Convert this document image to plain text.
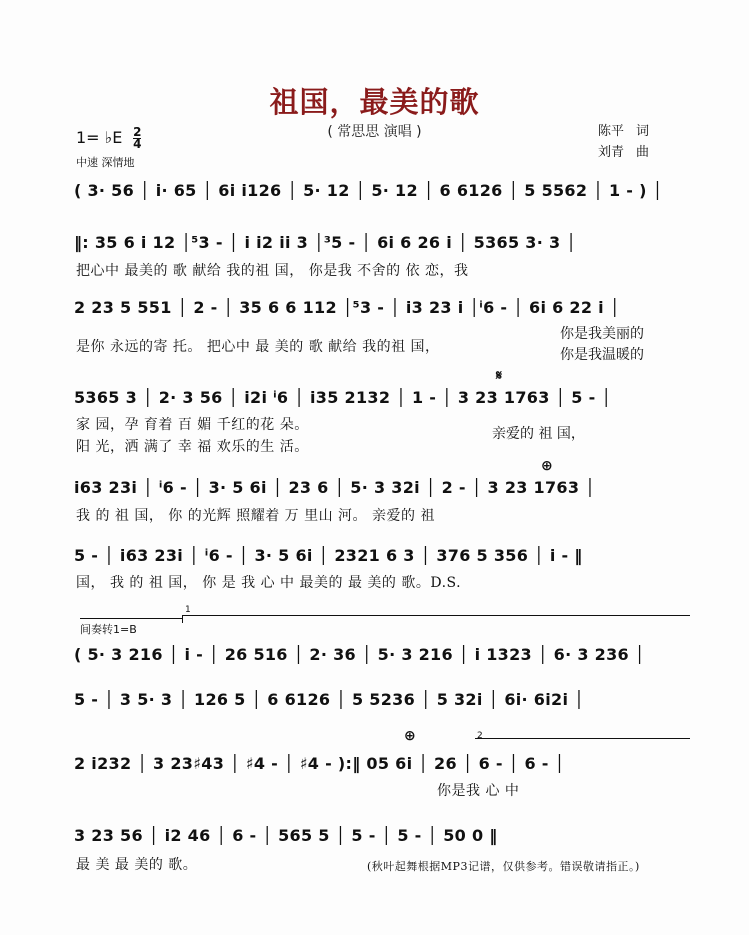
祖国，最美的歌
( 常思思 演唱 )
1= ♭E $\frac{2}{4}$
中速 深情地
陈平 词
刘青 曲
( 3· 56 │ i· 65 │ 6i i126 │ 5· 12 │ 5· 12 │ 6 6126 │ 5 5562 │ 1 - ) │
‖: 35 6 i 12 │⁵3 - │ i i2 ii 3 │³5 - │ 6i 6 26 i │ 5365 3· 3 │
把心中 最美的 歌 献给 我的祖 国， 你是我 不舍的 依 恋，我
2 23 5 551 │ 2 - │ 35 6 6 112 │⁵3 - │ i3 23 i │ⁱ6 - │ 6i 6 22 i │
是你 永远的寄 托。 把心中 最 美的 歌 献给 我的祖 国，
你是我美丽的
你是我温暖的
𝄋
5365 3 │ 2· 3 56 │ i2i ⁱ6 │ i35 2132 │ 1 - │ 3 23 1763 │ 5 - │
家 园，孕 育着 百 媚 千红的花 朵。
阳 光，洒 满了 幸 福 欢乐的生 活。
亲爱的 祖 国，
⊕
i63 23i │ ⁱ6 - │ 3· 5 6i │ 23 6 │ 5· 3 32i │ 2 - │ 3 23 1763 │
我 的 祖 国， 你 的光辉 照耀着 万 里山 河。 亲爱的 祖
5 - │ i63 23i │ ⁱ6 - │ 3· 5 6i │ 2321 6 3 │ 376 5 356 │ i - ‖
国， 我 的 祖 国， 你 是 我 心 中 最美的 最 美的 歌。D.S.
间奏转1=B
1
( 5· 3 216 │ i - │ 26 516 │ 2· 36 │ 5· 3 216 │ i 1323 │ 6· 3 236 │
5 - │ 3 5· 3 │ 126 5 │ 6 6126 │ 5 5236 │ 5 32i │ 6i· 6i2i │
2
⊕
2 i232 │ 3 23♯43 │ ♯4 - │ ♯4 - ):‖ 05 6i │ 26 │ 6 - │ 6 - │
你是我 心 中
3 23 56 │ i2 46 │ 6 - │ 565 5 │ 5 - │ 5 - │ 50 0 ‖
最 美 最 美的 歌。	(秋叶起舞根据MP3记谱，仅供参考。错误敬请指正。)
